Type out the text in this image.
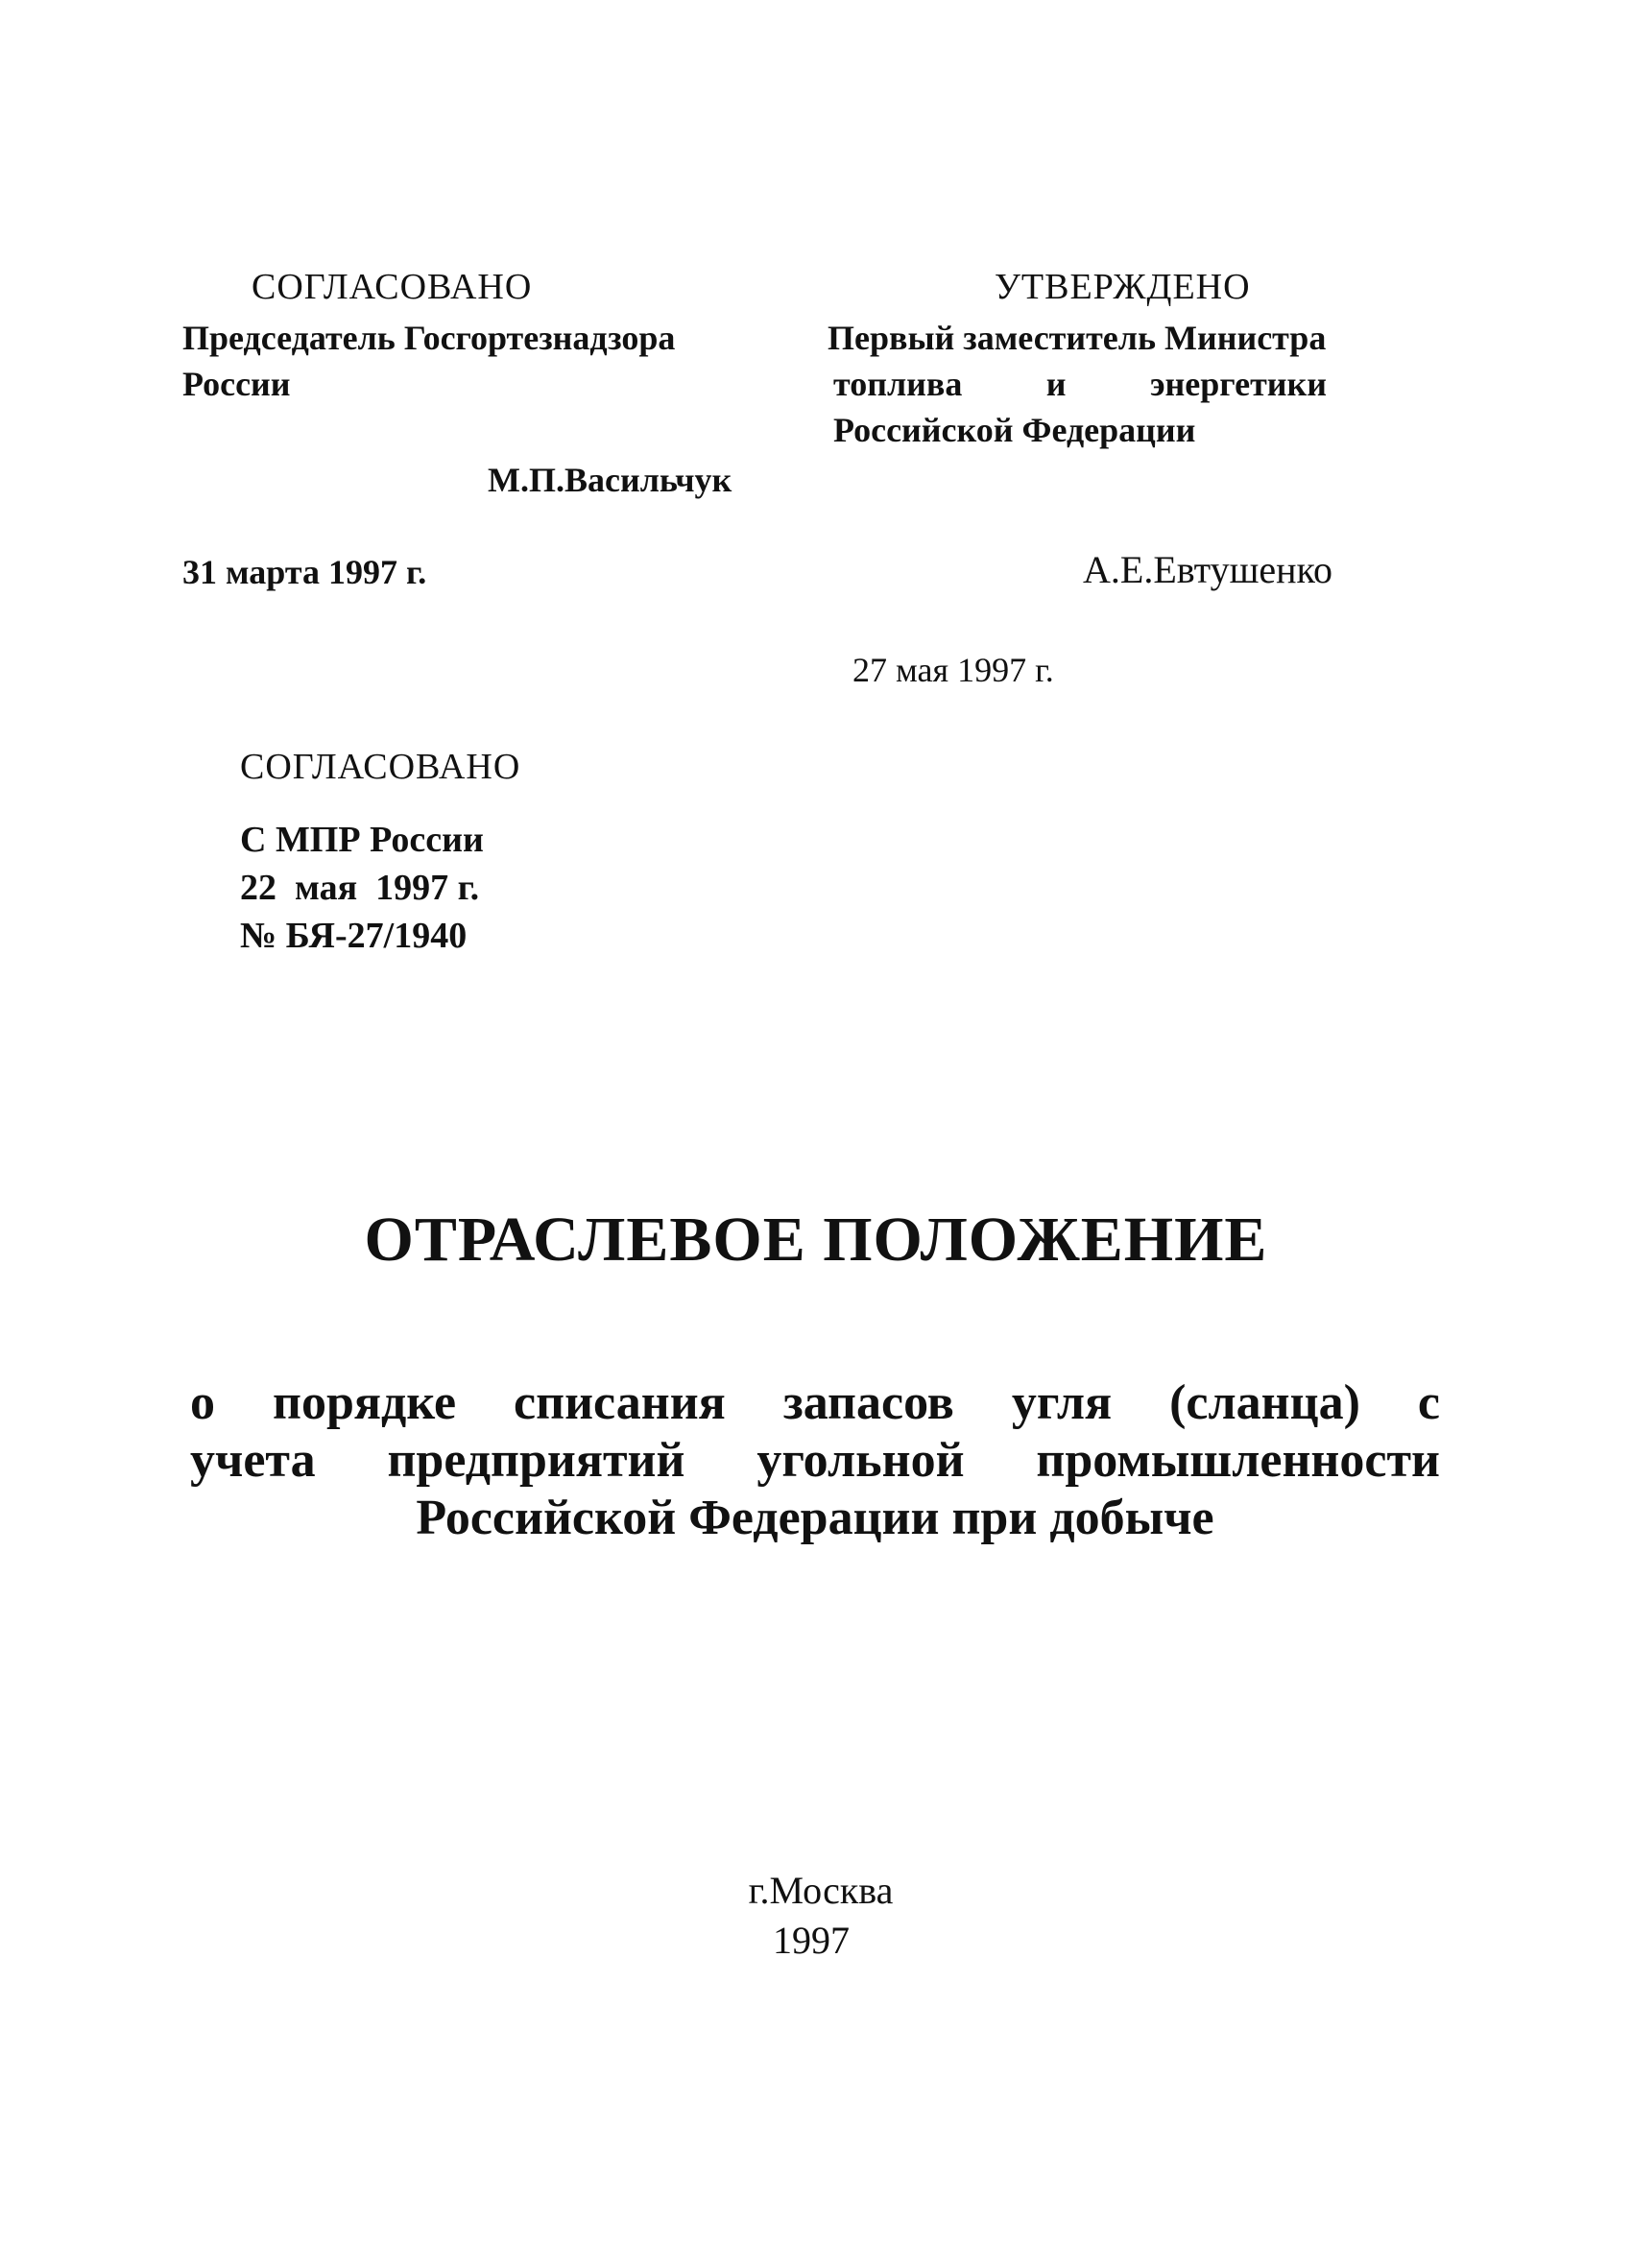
СОГЛАСОВАНО
Председатель Госгортезнадзора
России
М.П.Васильчук
31 марта 1997 г.
УТВЕРЖДЕНО
Первый заместитель Министра
топлива и энергетики
Российской Федерации
А.Е.Евтушенко
27 мая 1997 г.
СОГЛАСОВАНО
С МПР России
22  мая  1997 г.
№ БЯ-27/1940
ОТРАСЛЕВОЕ ПОЛОЖЕНИЕ
о порядке списания запасов угля (сланца) с
учета предприятий угольной промышленности
Российской Федерации при добыче
г.Москва
1997
